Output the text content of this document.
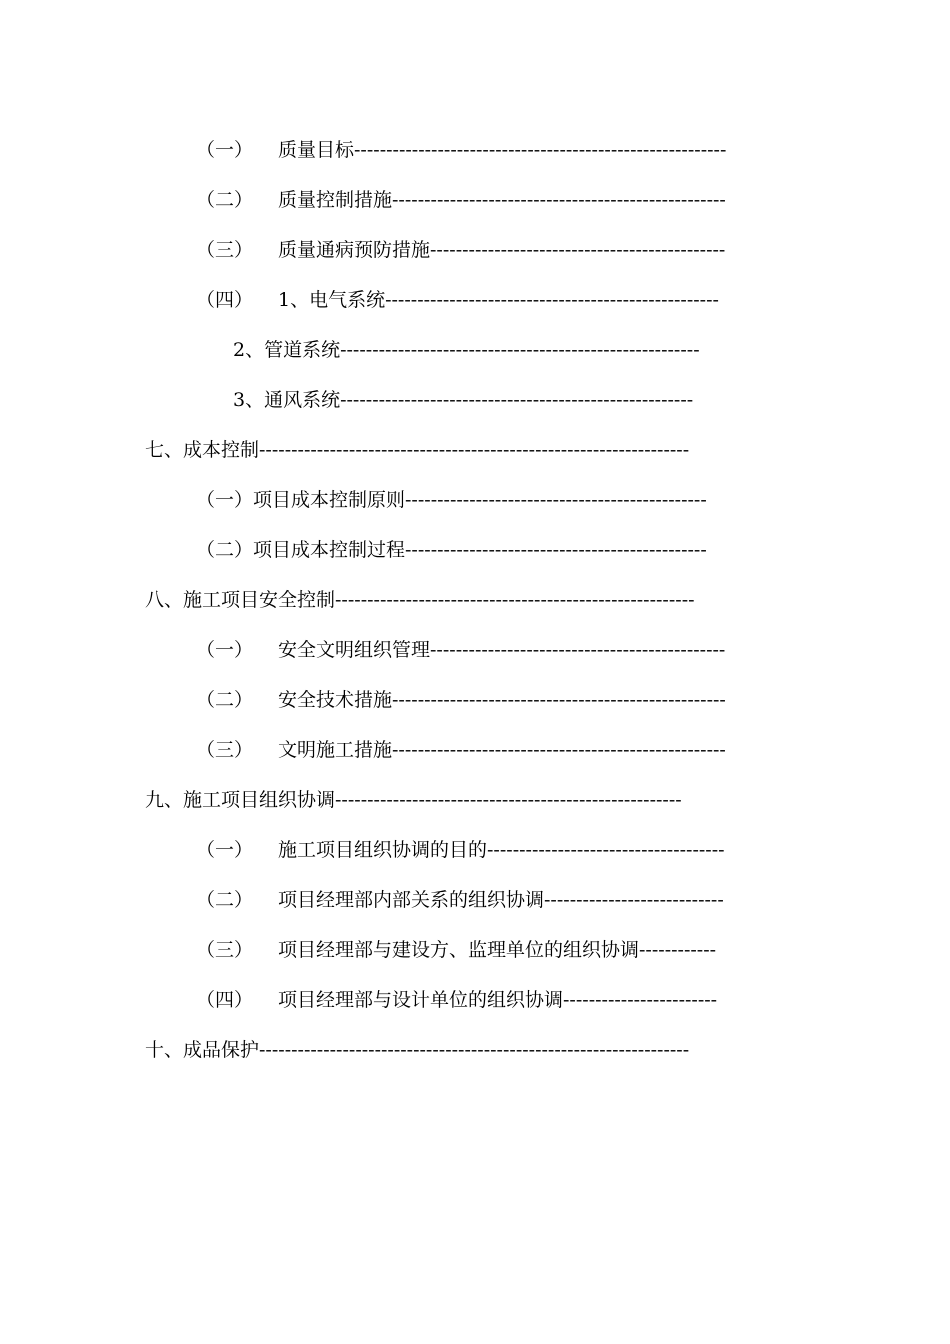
（一） 质量目标----------------------------------------------------------
（二） 质量控制措施----------------------------------------------------
（三） 质量通病预防措施----------------------------------------------
（四） 1、电气系统----------------------------------------------------
2、管道系统--------------------------------------------------------
3、通风系统-------------------------------------------------------
七、成本控制-------------------------------------------------------------------
（一）项目成本控制原则-----------------------------------------------
（二）项目成本控制过程-----------------------------------------------
八、施工项目安全控制--------------------------------------------------------
（一） 安全文明组织管理----------------------------------------------
（二） 安全技术措施----------------------------------------------------
（三） 文明施工措施----------------------------------------------------
九、施工项目组织协调------------------------------------------------------
（一） 施工项目组织协调的目的-------------------------------------
（二） 项目经理部内部关系的组织协调----------------------------
（三） 项目经理部与建设方、监理单位的组织协调------------
（四） 项目经理部与设计单位的组织协调------------------------
十、成品保护-------------------------------------------------------------------
